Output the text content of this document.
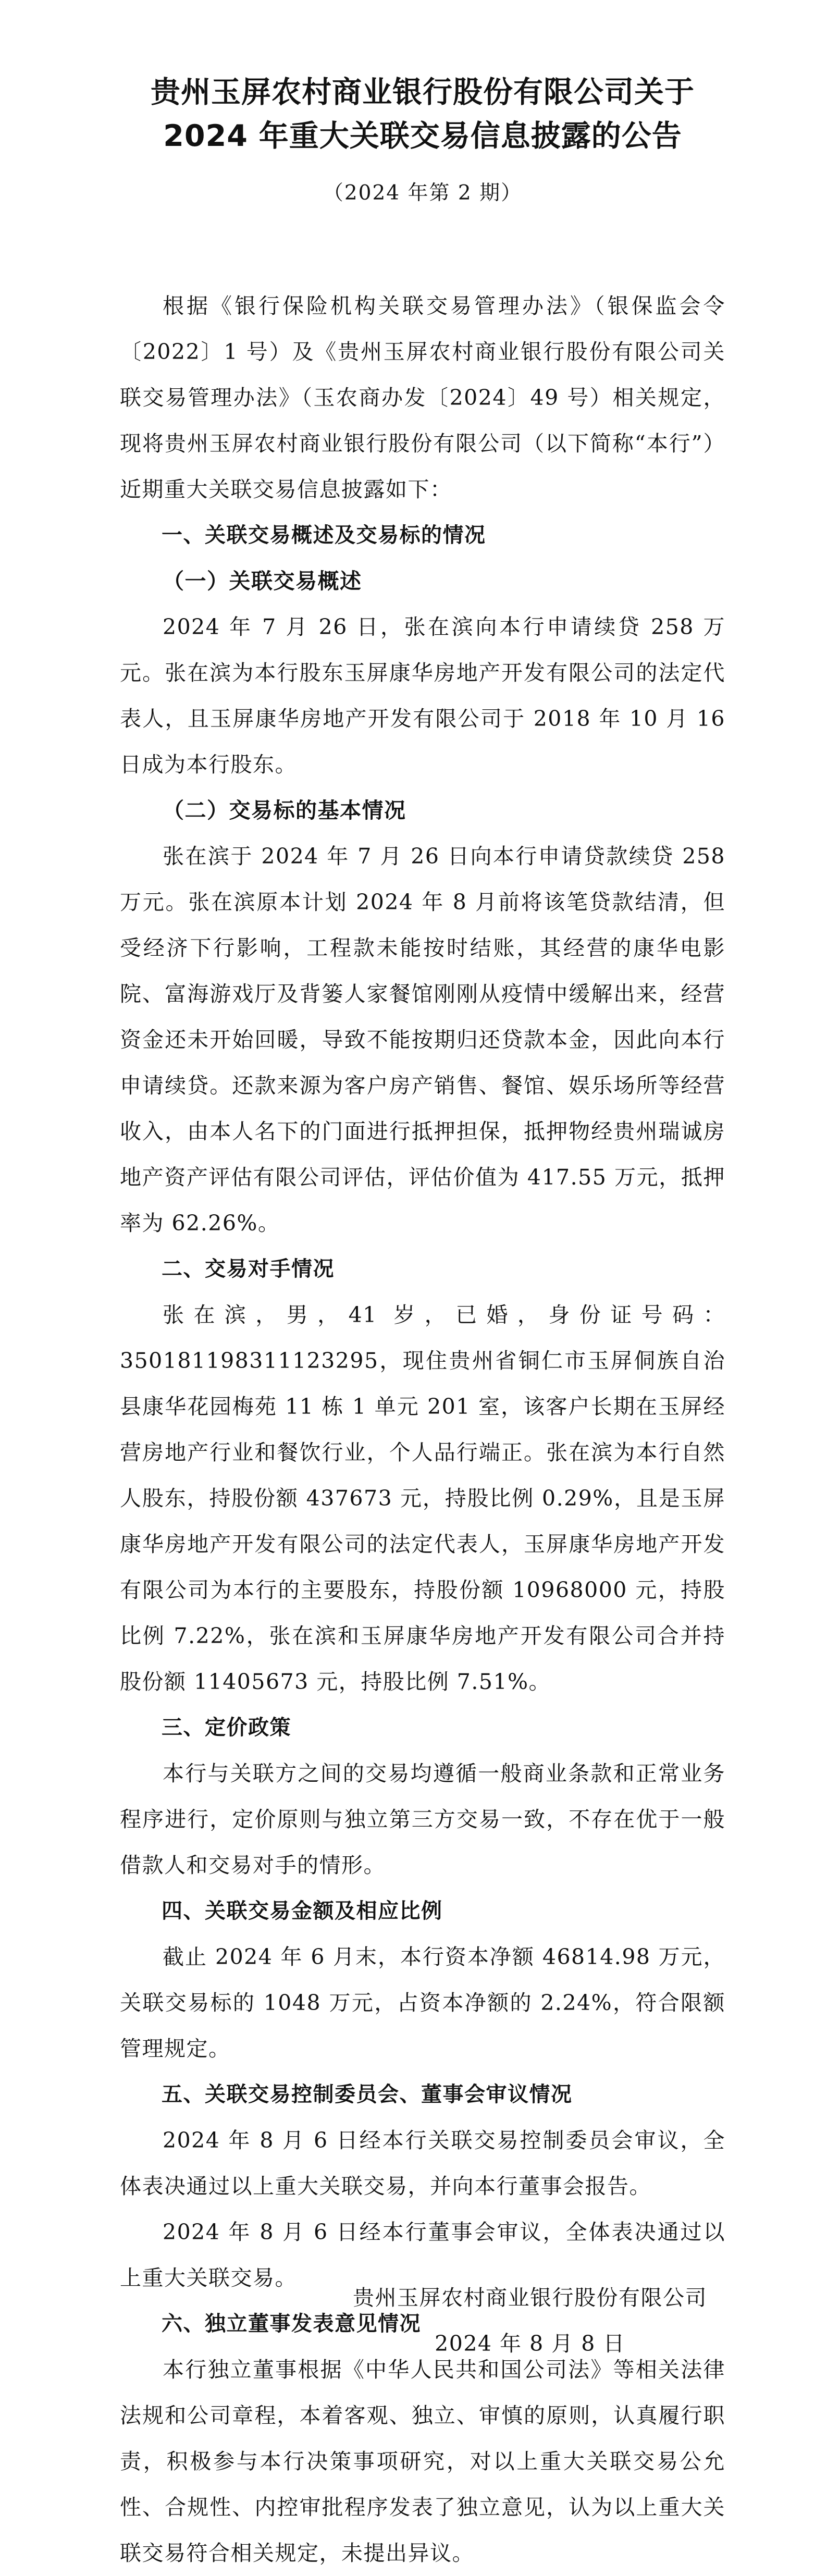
贵州玉屏农村商业银行股份有限公司关于
2024 年重大关联交易信息披露的公告
（2024 年第 2 期）

根据《银行保险机构关联交易管理办法》（银保监会令〔2022〕1 号）及《贵州玉屏农村商业银行股份有限公司关联交易管理办法》（玉农商办发〔2024〕49 号）相关规定，现将贵州玉屏农村商业银行股份有限公司（以下简称“本行”）近期重大关联交易信息披露如下：

一、关联交易概述及交易标的情况
（一）关联交易概述

2024 年 7 月 26 日，张在滨向本行申请续贷 258 万元。张在滨为本行股东玉屏康华房地产开发有限公司的法定代表人，且玉屏康华房地产开发有限公司于 2018 年 10 月 16 日成为本行股东。

（二）交易标的基本情况

张在滨于 2024 年 7 月 26 日向本行申请贷款续贷 258 万元。张在滨原本计划 2024 年 8 月前将该笔贷款结清，但受经济下行影响，工程款未能按时结账，其经营的康华电影院、富海游戏厅及背篓人家餐馆刚刚从疫情中缓解出来，经营资金还未开始回暖，导致不能按期归还贷款本金，因此向本行申请续贷。还款来源为客户房产销售、餐馆、娱乐场所等经营收入，由本人名下的门面进行抵押担保，抵押物经贵州瑞诚房地产资产评估有限公司评估，评估价值为 417.55 万元，抵押率为 62.26%。

二、交易对手情况

张在滨，男，41 岁，已婚，身份证号码：350181198311123295，现住贵州省铜仁市玉屏侗族自治县康华花园梅苑 11 栋 1 单元 201 室，该客户长期在玉屏经营房地产行业和餐饮行业，个人品行端正。张在滨为本行自然人股东，持股份额 437673 元，持股比例 0.29%，且是玉屏康华房地产开发有限公司的法定代表人，玉屏康华房地产开发有限公司为本行的主要股东，持股份额 10968000 元，持股比例 7.22%，张在滨和玉屏康华房地产开发有限公司合并持股份额 11405673 元，持股比例 7.51%。

三、定价政策

本行与关联方之间的交易均遵循一般商业条款和正常业务程序进行，定价原则与独立第三方交易一致，不存在优于一般借款人和交易对手的情形。

四、关联交易金额及相应比例

截止 2024 年 6 月末，本行资本净额 46814.98 万元，关联交易标的 1048 万元，占资本净额的 2.24%，符合限额管理规定。

五、关联交易控制委员会、董事会审议情况

2024 年 8 月 6 日经本行关联交易控制委员会审议，全体表决通过以上重大关联交易，并向本行董事会报告。

2024 年 8 月 6 日经本行董事会审议，全体表决通过以上重大关联交易。

六、独立董事发表意见情况

本行独立董事根据《中华人民共和国公司法》等相关法律法规和公司章程，本着客观、独立、审慎的原则，认真履行职责，积极参与本行决策事项研究，对以上重大关联交易公允性、合规性、内控审批程序发表了独立意见，认为以上重大关联交易符合相关规定，未提出异议。

贵州玉屏农村商业银行股份有限公司
2024 年 8 月 8 日
